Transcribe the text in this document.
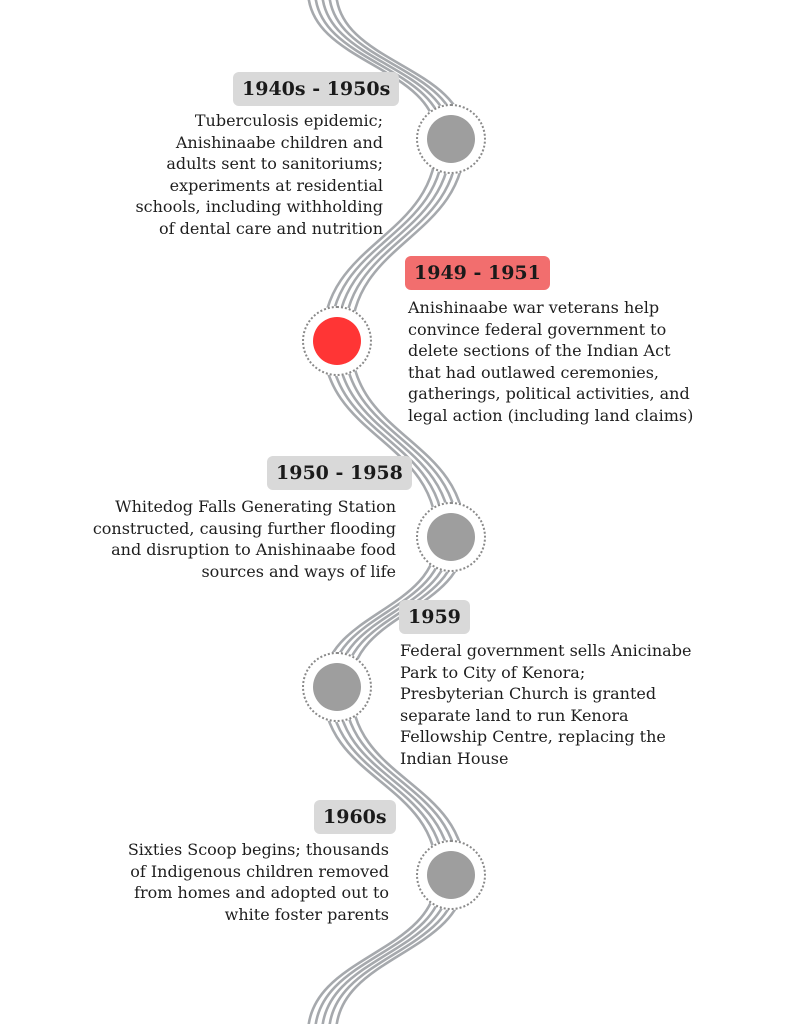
1940s - 1950s
Tuberculosis epidemic;
Anishinaabe children and
adults sent to sanitoriums;
experiments at residential
schools, including withholding
of dental care and nutrition
1949 - 1951
Anishinaabe war veterans help
convince federal government to
delete sections of the Indian Act
that had outlawed ceremonies,
gatherings, political activities, and
legal action (including land claims)
1950 - 1958
Whitedog Falls Generating Station
constructed, causing further flooding
and disruption to Anishinaabe food
sources and ways of life
1959
Federal government sells Anicinabe
Park to City of Kenora;
Presbyterian Church is granted
separate land to run Kenora
Fellowship Centre, replacing the
Indian House
1960s
Sixties Scoop begins; thousands
of Indigenous children removed
from homes and adopted out to
white foster parents
